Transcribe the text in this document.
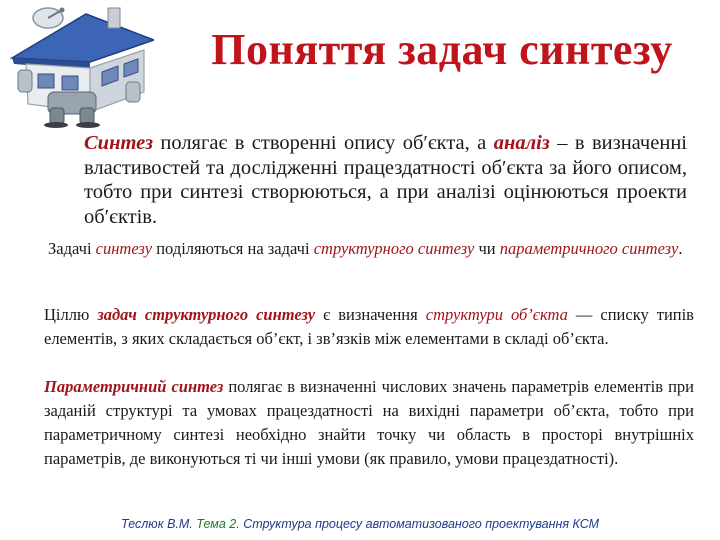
Поняття задач синтезу
Синтез полягає в створенні опису об′єкта, а аналіз – в визначенні властивостей та дослідженні працездатності об′єкта за його описом, тобто при синтезі створюються, а при аналізі оцінюються проекти об′єктів.
Задачі синтезу поділяються на задачі структурного синтезу чи параметричного синтезу.
Ціллю задач структурного синтезу є визначення структури об’єкта — списку типів елементів, з яких складається об’єкт, і зв’язків між елементами в складі об’єкта.
Параметричний синтез полягає в визначенні числових значень параметрів елементів при заданій структурі та умовах працездатності на вихідні параметри об’єкта, тобто при параметричному синтезі необхідно знайти точку чи область в просторі внутрішніх параметрів, де виконуються ті чи інші умови (як правило, умови працездатності).
Теслюк В.М. Тема 2. Структура процесу автоматизованого проектування КСМ
